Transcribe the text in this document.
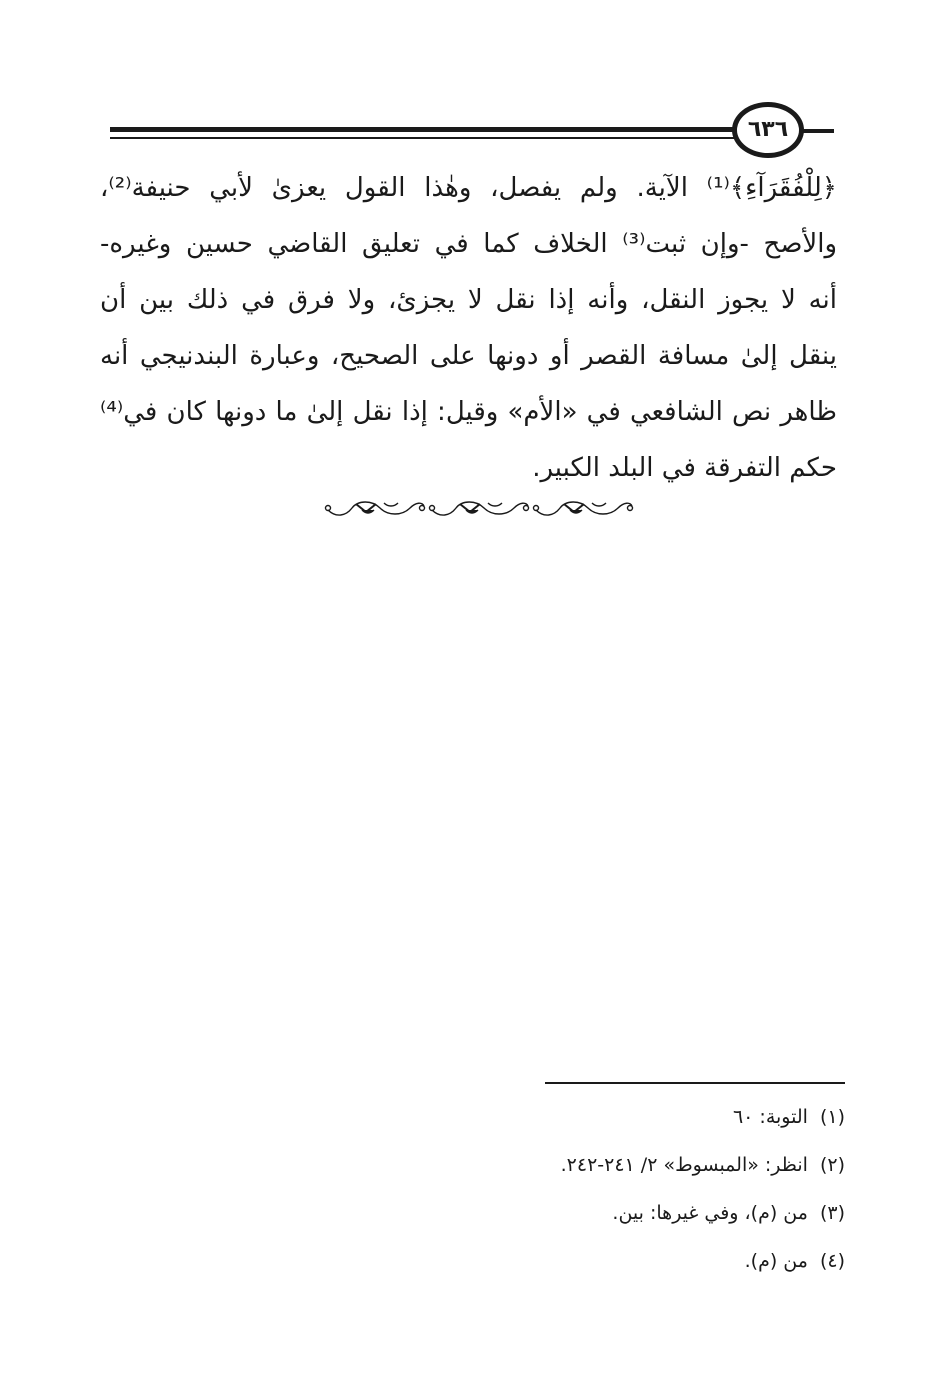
٦٣٦
﴿لِلْفُقَرَآءِ﴾⁽¹⁾ الآية. ولم يفصل، وهٰذا القول يعزىٰ لأبي حنيفة⁽²⁾،
والأصح -وإن ثبت⁽³⁾ الخلاف كما في تعليق القاضي حسين وغيره-
أنه لا يجوز النقل، وأنه إذا نقل لا يجزئ، ولا فرق في ذلك بين أن
ينقل إلىٰ مسافة القصر أو دونها على الصحيح، وعبارة البندنيجي أنه
ظاهر نص الشافعي في «الأم» وقيل: إذا نقل إلىٰ ما دونها كان في⁽⁴⁾
حكم التفرقة في البلد الكبير.
(١)التوبة: ٦٠
(٢)انظر: «المبسوط» ٢/ ٢٤١-٢٤٢.
(٣)من (م)، وفي غيرها: بين.
(٤)من (م).
